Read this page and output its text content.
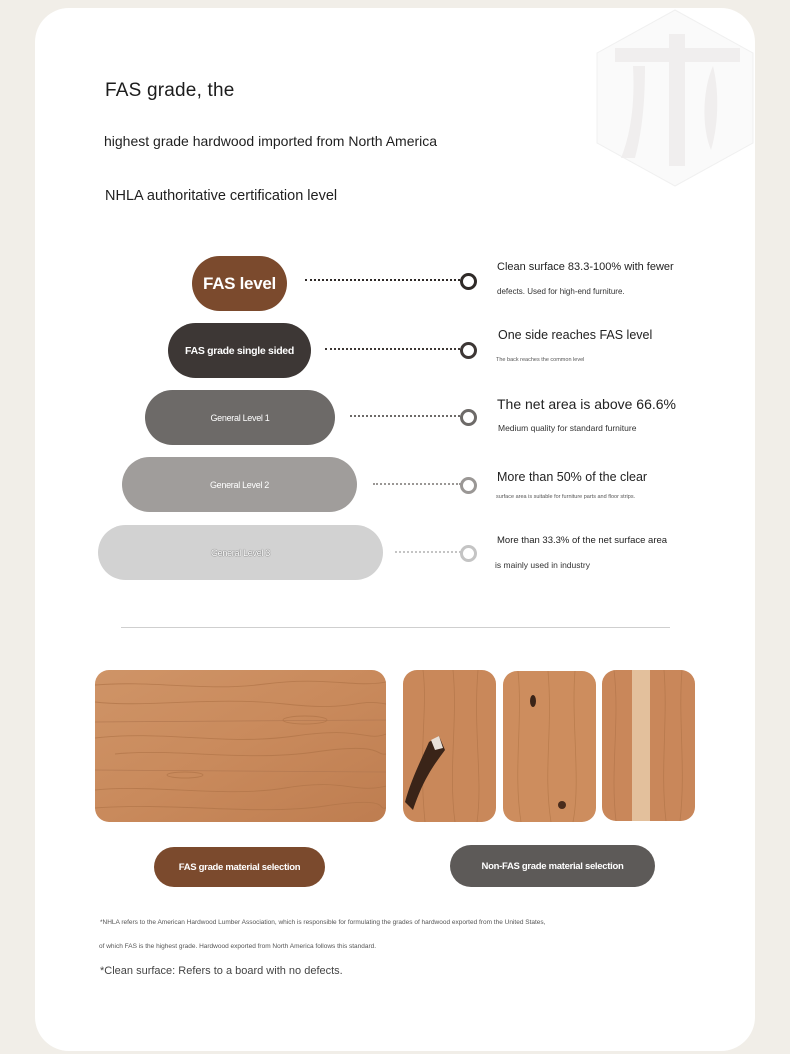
FAS grade, the
highest grade hardwood imported from North America
NHLA authoritative certification level
FAS level
FAS grade single sided
General Level 1
General Level 2
General Level 3
Clean surface 83.3-100% with fewer
defects. Used for high-end furniture.
One side reaches FAS level
The back reaches the common level
The net area is above 66.6%
Medium quality for standard furniture
More than 50% of the clear
surface area is suitable for furniture parts and floor strips.
More than 33.3% of the net surface area
is mainly used in industry
FAS grade material selection	Non-FAS grade material selection
*NHLA refers to the American Hardwood Lumber Association, which is responsible for formulating the grades of hardwood exported from the United States,
of which FAS is the highest grade. Hardwood exported from North America follows this standard.
*Clean surface: Refers to a board with no defects.
